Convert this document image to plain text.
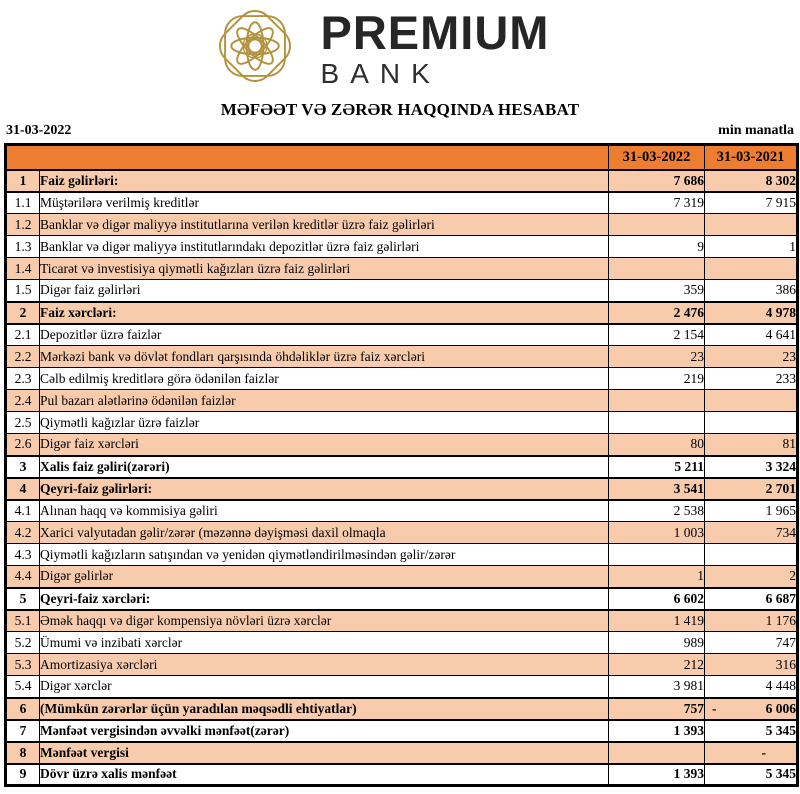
PREMIUM
BANK
MƏFƏƏT VƏ ZƏRƏR HAQQINDA HESABAT
31-03-2022	min manatla
		31-03-2022	31-03-2021
1	Faiz gəlirləri:	7 686	8 302
1.1	Müştərilərə verilmiş kreditlər	7 319	7 915
1.2	Banklar və digər maliyyə institutlarına verilən kreditlər üzrə faiz gəlirləri		

1.3	Banklar və digər maliyyə institutlarındakı depozitlər üzrə faiz gəlirləri	9	1
1.4	Ticarət və investisiya qiymətli kağızları üzrə faiz gəlirləri		

1.5	Digər faiz gəlirləri	359	386
2	Faiz xərcləri:	2 476	4 978
2.1	Depozitlər üzrə faizlər	2 154	4 641
2.2	Mərkəzi bank və dövlət fondları qarşısında öhdəliklər üzrə faiz xərcləri	23	23
2.3	Cəlb edilmiş kreditlərə görə ödənilən faizlər	219	233
2.4	Pul bazarı alətlərinə ödənilən faizlər		

2.5	Qiymətli kağızlar üzrə faizlər		

2.6	Digər faiz xərcləri	80	81
3	Xalis faiz gəliri(zərəri)	5 211	3 324
4	Qeyri-faiz gəlirləri:	3 541	2 701
4.1	Alınan haqq və kommisiya gəliri	2 538	1 965
4.2	Xarici valyutadan gəlir/zərər (məzənnə dəyişməsi daxil olmaqla	1 003	734
4.3	Qiymətli kağızların satışından və yenidən qiymətləndirilməsindən gəlir/zərər		

4.4	Digər gəlirlər	1	2
5	Qeyri-faiz xərcləri:	6 602	6 687
5.1	Əmək haqqı və digər kompensiya növləri üzrə xərclər	1 419	1 176
5.2	Ümumi və inzibati xərclər	989	747
5.3	Amortizasiya xərcləri	212	316
5.4	Digər xərclər	3 981	4 448
6	(Mümkün zərərlər üçün yaradılan məqsədli ehtiyatlar)	757	- 6 006
7	Mənfəət vergisindən əvvəlki mənfəət(zərər)	1 393	5 345
8	Mənfəət vergisi		-
9	Dövr üzrə xalis mənfəət	1 393	5 345
